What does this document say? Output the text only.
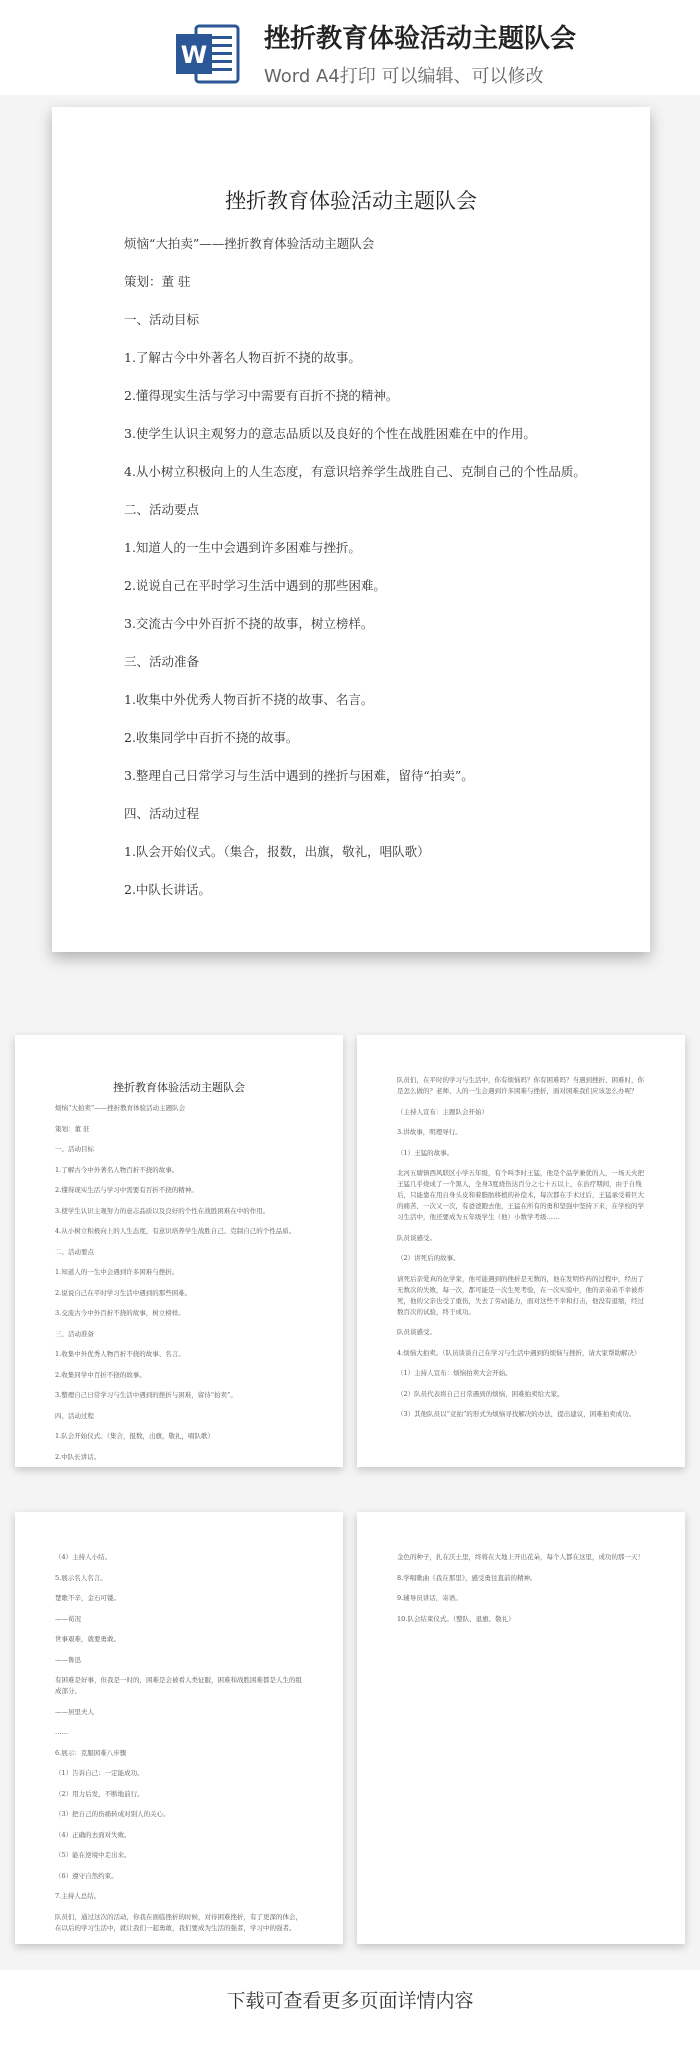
W
挫折教育体验活动主题队会
Word A4打印 可以编辑、可以修改
挫折教育体验活动主题队会
烦恼“大拍卖”——挫折教育体验活动主题队会
策划：董 驻
一、活动目标
1.了解古今中外著名人物百折不挠的故事。
2.懂得现实生活与学习中需要有百折不挠的精神。
3.使学生认识主观努力的意志品质以及良好的个性在战胜困难在中的作用。
4.从小树立积极向上的人生态度，有意识培养学生战胜自己、克制自己的个性品质。
二、活动要点
1.知道人的一生中会遇到许多困难与挫折。
2.说说自己在平时学习生活中遇到的那些困难。
3.交流古今中外百折不挠的故事，树立榜样。
三、活动准备
1.收集中外优秀人物百折不挠的故事、名言。
2.收集同学中百折不挠的故事。
3.整理自己日常学习与生活中遇到的挫折与困难，留待“拍卖”。
四、活动过程
1.队会开始仪式。（集合，报数，出旗，敬礼，唱队歌）
2.中队长讲话。
挫折教育体验活动主题队会
烦恼“大拍卖”——挫折教育体验活动主题队会
策划：董 驻
一、活动目标
1.了解古今中外著名人物百折不挠的故事。
2.懂得现实生活与学习中需要有百折不挠的精神。
3.使学生认识主观努力的意志品质以及良好的个性在战胜困难在中的作用。
4.从小树立积极向上的人生态度，有意识培养学生战胜自己、克制自己的个性品质。
二、活动要点
1.知道人的一生中会遇到许多困难与挫折。
2.说说自己在平时学习生活中遇到的那些困难。
3.交流古今中外百折不挠的故事，树立榜样。
三、活动准备
1.收集中外优秀人物百折不挠的故事、名言。
2.收集同学中百折不挠的故事。
3.整理自己日常学习与生活中遇到的挫折与困难，留待“拍卖”。
四、活动过程
1.队会开始仪式。（集合，报数，出旗，敬礼，唱队歌）
2.中队长讲话。
队员们，在平时的学习与生活中，你有烦恼吗？你有困难吗？当遇到挫折、困难时，你是怎么做的？老师、人的一生会遇到许多困难与挫折，面对困难我们应该怎么办呢？
（主持人宣布：主题队会开始）
3.讲故事，明理导行。
（1）王猛的故事。
北河五塘镇西风联区小学五年级，有个叫李时王猛，他是个品学兼优的人，一场天火把王猛几乎烧成了一个黑人，全身3度烧伤达百分之七十五以上，在治疗期间，由于自残后，只能靠在用自身头皮和着脂肪移植的补偿术，每次都在手术过后，王猛承受着巨大的痛苦，一次又一次，有爸爸跑去他，王猛在所有的勇和坚强中坚持下来，在学校的学习生活中，他还要成为五年级学生（他）小数学考级……
队员谈感受。
（2）讲死后的故事。
请死后亲爱真的化学家，他可能遇到的挫折是无数的，他在发明炸药的过程中，经历了无数次的失败，每一次，都可能是一次生死考验，在一次实验中，他的亲弟弟不幸被炸死，他的父亲也受了重伤，失去了劳动能力，面对这些不幸和打击，他没有退缩，经过数百次的试验，终于成功。
队员谈感受。
4.烦恼大拍卖。（队员谈谈自己在学习与生活中遇到的烦恼与挫折，请大家帮助解决）
（1）主持人宣布：烦恼拍卖大会开始。
（2）队员代表将自己日常遇到的烦恼，困难拍卖给大家。
（3）其他队员以“竞拍”的形式为烦恼寻找解决的办法，提出建议，困难拍卖成功。
（4）主持人小结。
5.展示名人名言。
楚歌不辛，金石可镂。
——荀况
世事艰难，就要勇敢。
——鲁迅
有困难是好事，但我是一时的，困难是会被看人类征服，困难和战胜困难都是人生的组成部分。
——居里夫人
……
6.展示：克服困难八步骤
（1）告诉自己：一定能成功。
（2）用力后发，不断地前行。
（3）把自己的伤痛转成对别人的关心。
（4）正确的去面对失败。
（5）能在逆境中走出来。
（6）遵守自然约束。
7.主持人总结。
队员们，通过这次的活动，你我在面临挫折的时候，对待困难挫折，有了更深的体会，在以后的学习生活中，就让我们一起勇敢，我们要成为生活的强者，学习中的强者。
金色的种子，扎在沃土里，终将在大地上开出花朵，每个人都在这里，成功的那一天！
8.学唱歌曲《我在那里》，感受勇往直前的精神。
9.辅导员讲话，寄语。
10.队会结束仪式。（整队、退旗、敬礼）
下载可查看更多页面详情内容
